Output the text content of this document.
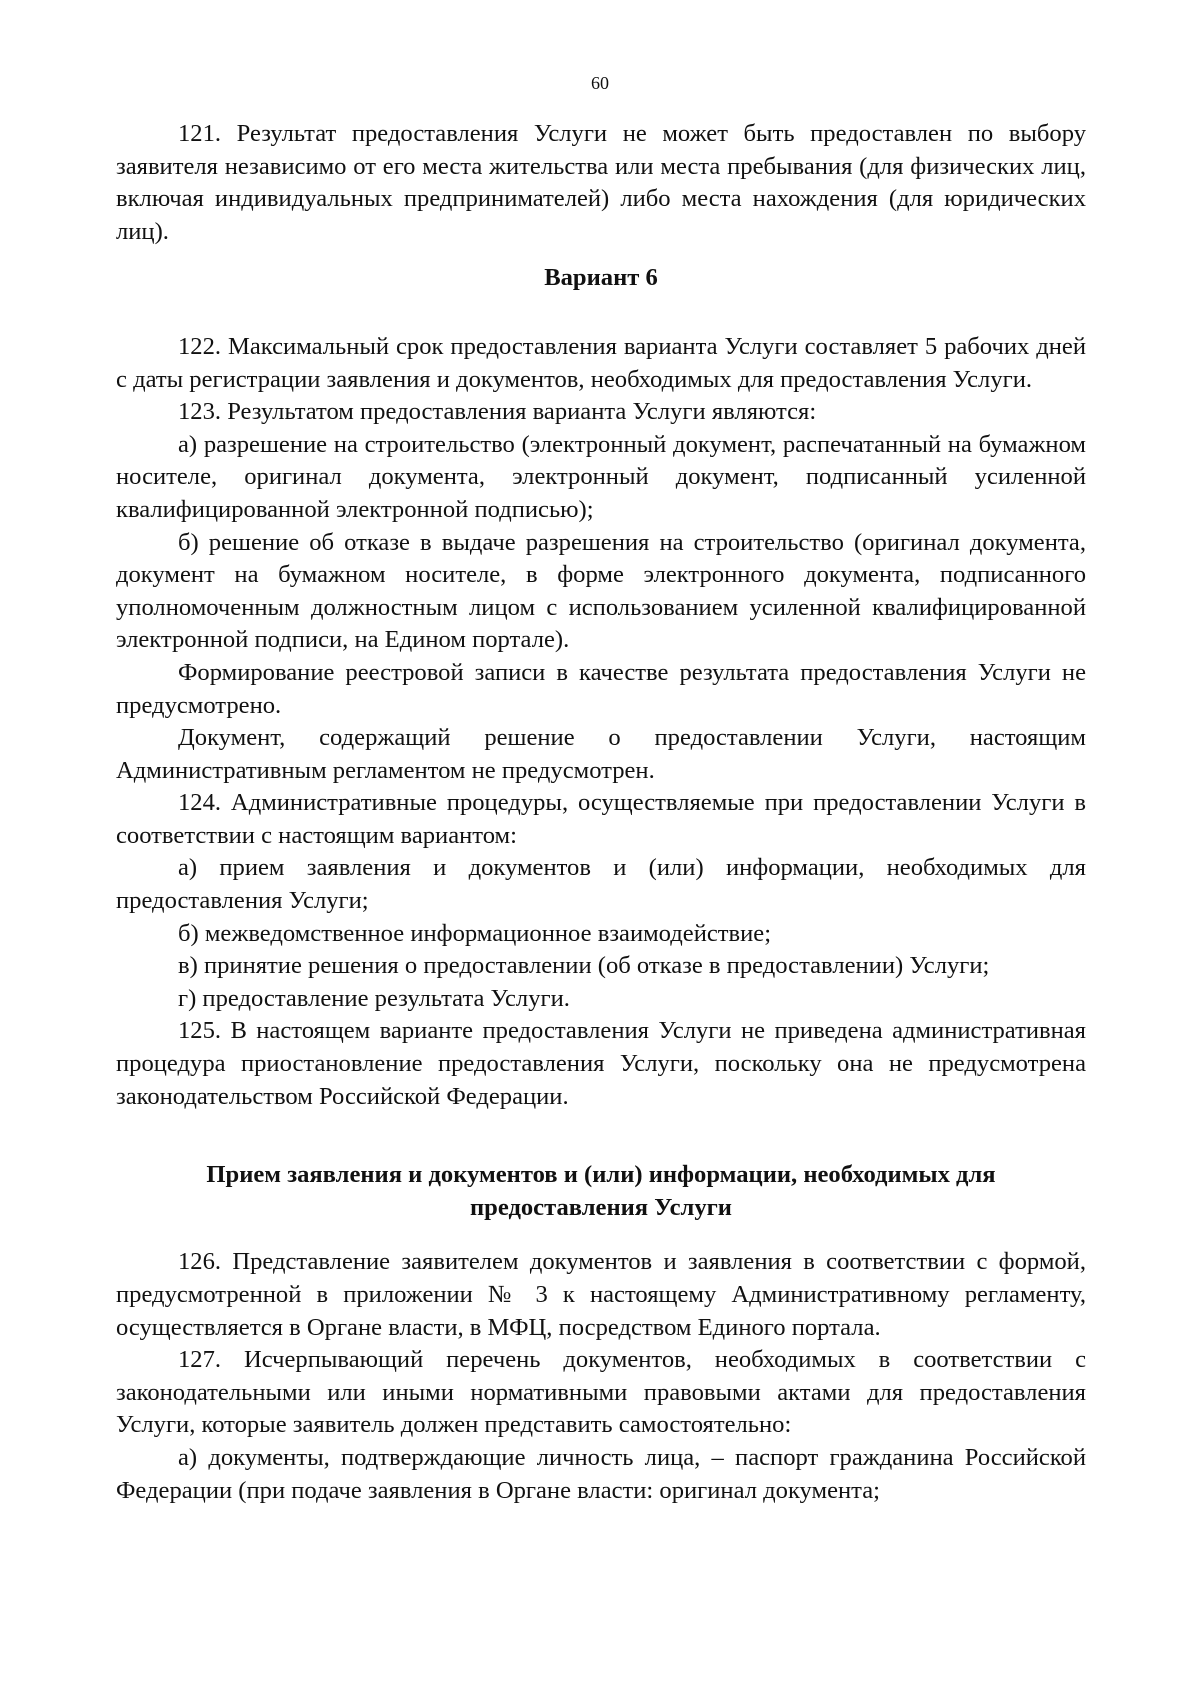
60

121. Результат предоставления Услуги не может быть предоставлен по выбору заявителя независимо от его места жительства или места пребывания (для физических лиц, включая индивидуальных предпринимателей) либо места нахождения (для юридических лиц).

Вариант 6

122. Максимальный срок предоставления варианта Услуги составляет 5 рабочих дней с даты регистрации заявления и документов, необходимых для предоставления Услуги.

123. Результатом предоставления варианта Услуги являются:

а) разрешение на строительство (электронный документ, распечатанный на бумажном носителе, оригинал документа, электронный документ, подписанный усиленной квалифицированной электронной подписью);

б) решение об отказе в выдаче разрешения на строительство (оригинал документа, документ на бумажном носителе, в форме электронного документа, подписанного уполномоченным должностным лицом с использованием усиленной квалифицированной электронной подписи, на Едином портале).

Формирование реестровой записи в качестве результата предоставления Услуги не предусмотрено.

Документ, содержащий решение о предоставлении Услуги, настоящим Административным регламентом не предусмотрен.

124. Административные процедуры, осуществляемые при предоставлении Услуги в соответствии с настоящим вариантом:

а) прием заявления и документов и (или) информации, необходимых для предоставления Услуги;

б) межведомственное информационное взаимодействие;

в) принятие решения о предоставлении (об отказе в предоставлении) Услуги;

г) предоставление результата Услуги.

125. В настоящем варианте предоставления Услуги не приведена административная процедура приостановление предоставления Услуги, поскольку она не предусмотрена законодательством Российской Федерации.

Прием заявления и документов и (или) информации, необходимых для предоставления Услуги

126. Представление заявителем документов и заявления в соответствии с формой, предусмотренной в приложении № 3 к настоящему Административному регламенту, осуществляется в Органе власти, в МФЦ, посредством Единого портала.

127. Исчерпывающий перечень документов, необходимых в соответствии с законодательными или иными нормативными правовыми актами для предоставления Услуги, которые заявитель должен представить самостоятельно:

а) документы, подтверждающие личность лица, – паспорт гражданина Российской Федерации (при подаче заявления в Органе власти: оригинал документа;
